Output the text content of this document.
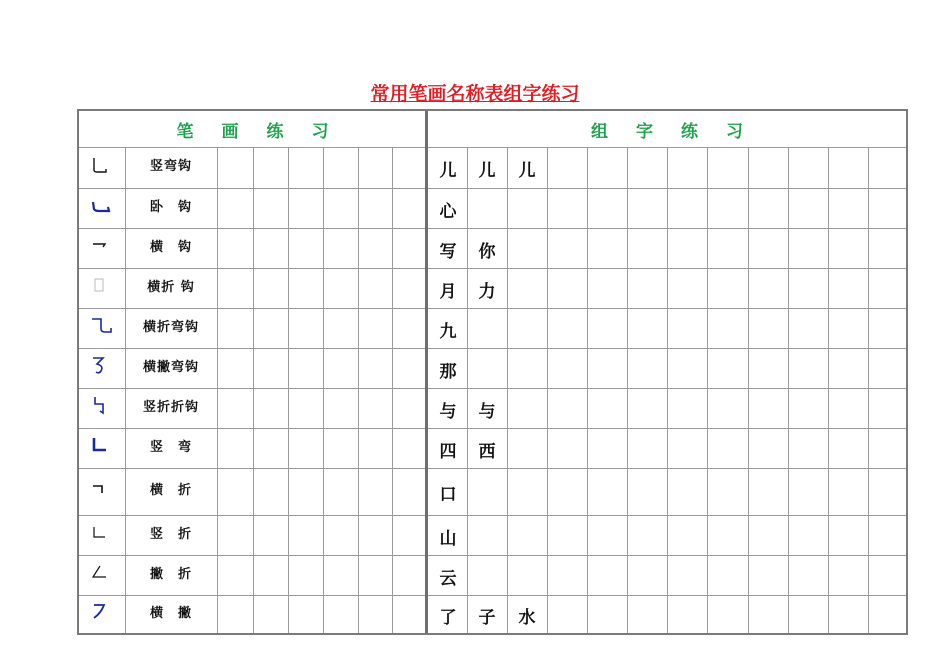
常用笔画名称表组字练习
笔 画 练 习	组 字 练 习
竖弯钩	儿	儿	儿
卧　钩	心
横　钩	写	你
横折 钩	月	力
横折弯钩	九
横撇弯钩	那
竖折折钩	与	与
竖　弯	四	西
横　折	口
竖　折	山
撇　折	云
横　撇	了	子	水
